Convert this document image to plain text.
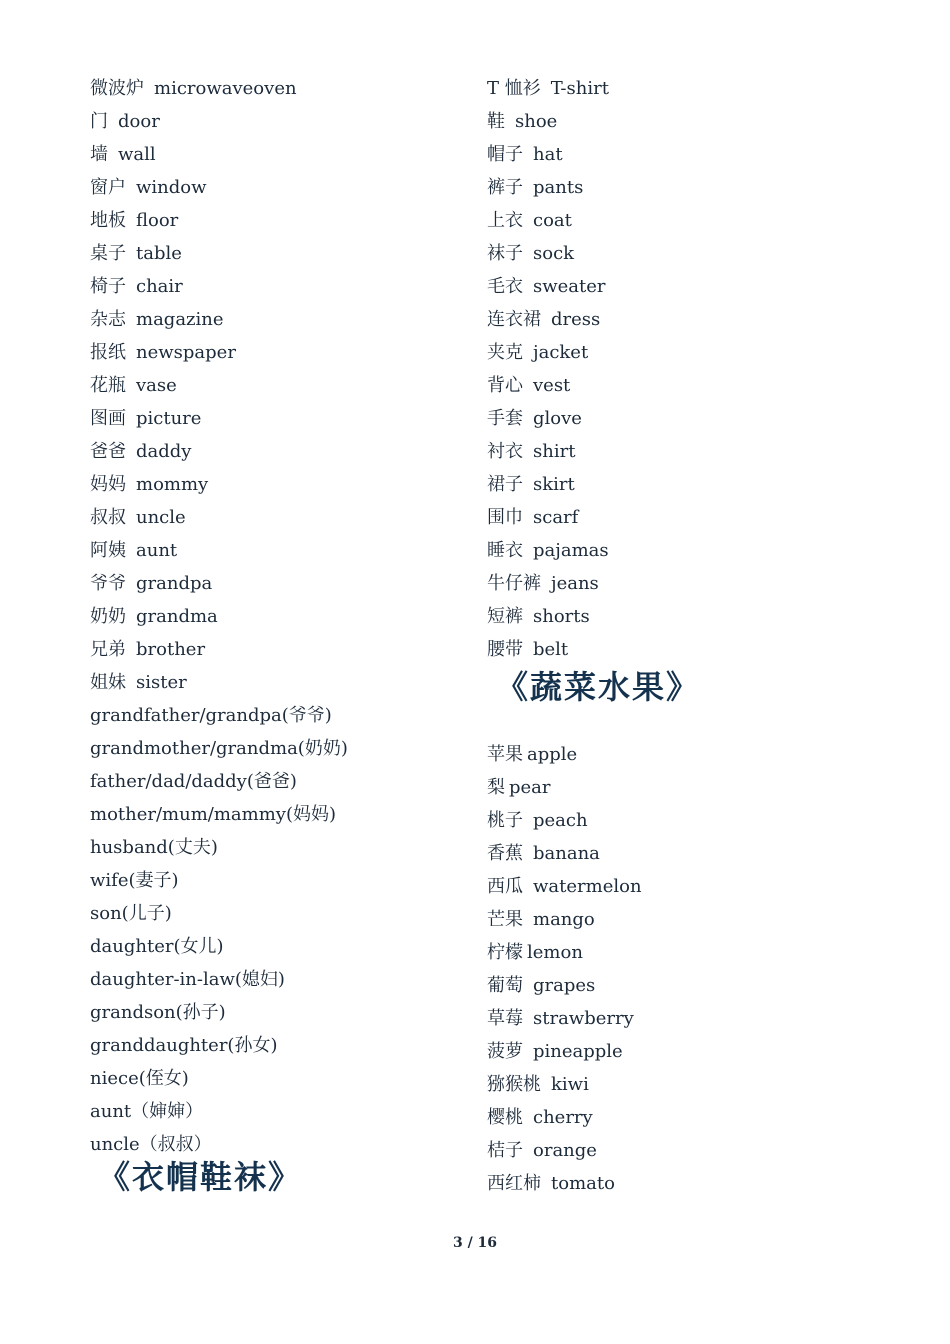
微波炉 microwaveoven
门 door
墙 wall
窗户 window
地板 floor
桌子 table
椅子 chair
杂志 magazine
报纸 newspaper
花瓶 vase
图画 picture
爸爸 daddy
妈妈 mommy
叔叔 uncle
阿姨 aunt
爷爷 grandpa
奶奶 grandma
兄弟 brother
姐妹 sister
grandfather/grandpa(爷爷)
grandmother/grandma(奶奶)
father/dad/daddy(爸爸)
mother/mum/mammy(妈妈)
husband(丈夫)
wife(妻子)
son(儿子)
daughter(女儿)
daughter-in-law(媳妇)
grandson(孙子)
granddaughter(孙女)
niece(侄女)
aunt（婶婶）
uncle（叔叔）
《衣帽鞋袜》
T 恤衫 T-shirt
鞋 shoe
帽子 hat
裤子 pants
上衣 coat
袜子 sock
毛衣 sweater
连衣裙 dress
夹克 jacket
背心 vest
手套 glove
衬衣 shirt
裙子 skirt
围巾 scarf
睡衣 pajamas
牛仔裤 jeans
短裤 shorts
腰带 belt
《蔬菜水果》
苹果 apple
梨 pear
桃子 peach
香蕉 banana
西瓜 watermelon
芒果 mango
柠檬 lemon
葡萄 grapes
草莓 strawberry
菠萝 pineapple
猕猴桃 kiwi
樱桃 cherry
桔子 orange
西红柿 tomato
3 / 16
